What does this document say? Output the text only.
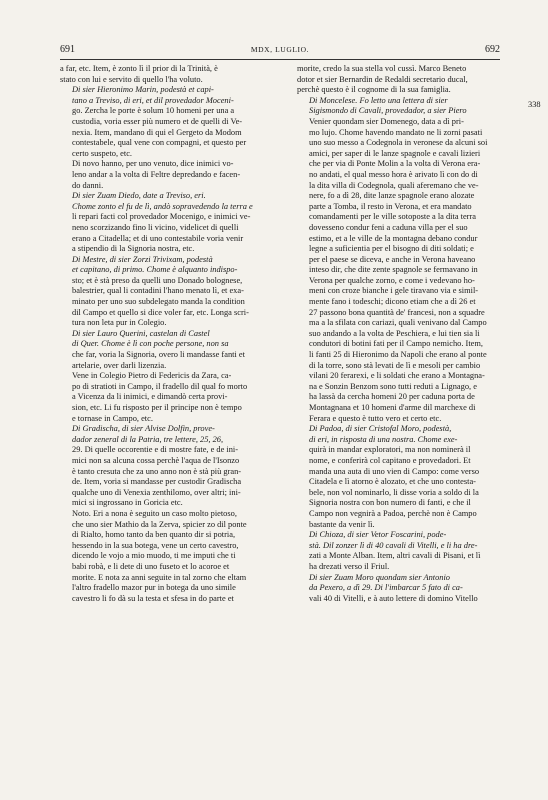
691	MDX, LUGLIO.	692
338

a far, etc. Item, è zonto lì il prior di la Trinità, è
stato con lui e servito di quello l'ha voluto.

Di sier Hieronimo Marin, podestà et capi-
tano a Treviso, di eri, et dil provedador Moceni-
go. Zercha le porte è solum 10 homeni per una a
custodia, voria esser più numero et de quelli di Ve-
nexia. Item, mandano di qui el Gergeto da Modom
contestabele, qual vene con compagni, et questo per
certo suspeto, etc.

Di novo hanno, per uno venuto, dice inimici vo-
leno andar a la volta di Feltre depredando e facen-
do danni.

Di sier Zuam Diedo, date a Treviso, eri.
Chome zonto el fu de lì, andò sopravedendo la terra e
li repari facti col provedador Mocenigo, e inimici ve-
neno scorzizando fino li vicino, videlicet di quelli
erano a Citadella; et di uno contestabile voria venir
a stipendio di la Signoria nostra, etc.

Di Mestre, di sier Zorzi Trivixam, podestà
et capitano, di primo. Chome è alquanto indispo-
sto; et è stà preso da quelli uno Donado bolognese,
balestrier, qual li contadini l'hano menato lì, et exa-
minato per uno suo subdelegato manda la condition
dil Campo et quello si dice voler far, etc. Longa scri-
tura non leta pur in Colegio.

Di sier Lauro Querini, castelan di Castel
di Quer. Chome è lì con poche persone, non sa
che far, voria la Signoria, overo li mandasse fanti et
artelarie, over darli lizenzia.

Vene in Colegio Pietro di Federicis da Zara, ca-
po di stratioti in Campo, il fradello dil qual fo morto
a Vicenza da li inimici, e dimandò certa provi-
sion, etc. Li fu risposto per il principe non è tempo
e tornase in Campo, etc.

Di Gradischa, di sier Alvise Dolfin, prove-
dador zeneral di la Patria, tre lettere, 25, 26,
29. Di quelle occorentie e di mostre fate, e de ini-
mici non sa alcuna cossa perchè l'aqua de l'Isonzo
è tanto cresuta che za uno anno non è stà più gran-
de. Item, voria si mandasse per custodir Gradischa
qualche uno di Venexia zenthilomo, over altri; ini-
mici si ingrossano in Goricia etc.

Noto. Eri a nona è seguito un caso molto pietoso,
che uno sier Mathio da la Zerva, spicier zo dil ponte
di Rialto, homo tanto da ben quanto dir si potria,
hessendo in la sua botega, vene un certo cavestro,
dicendo le vojo a mio muodo, ti me imputi che ti
babi robà, e li dete di uno fuseto et lo acoroe et
morite. E nota za anni seguite in tal zorno che eltam
l'altro fradello mazor pur in botega da uno simile
cavestro li fo dà su la testa et sfesa in do parte et

morite, credo la sua stella vol cussì. Marco Beneto
dotor et sier Bernardin de Redaldi secretario ducal,
perchè questo è il cognome di la sua famiglia.

Di Moncelese. Fo letto una lettera di sier
Sigismondo di Cavali, provedador, a sier Piero
Venier quondam sier Domenego, data a dì pri-
mo lujo. Chome havendo mandato ne li zorni pasati
uno suo messo a Codegnola in veronese da alcuni soi
amici, per saper di le lanze spagnole e cavali lizieri
che per via di Ponte Molin a la volta di Verona era-
no andati, el qual messo hora è arivato lì con do di
la dita villa di Codegnola, quali aferemano che ve-
nere, fo a dì 28, dite lanze spagnole erano alozate
parte a Tomba, il resto in Verona, et era mandato
comandamenti per le ville sotoposte a la dita terra
dovesseno condur feni a caduna villa per el suo
estimo, et a le ville de la montagna debano condur
legne a suficientia per el bisogno di diti soldati; e
per el paese se diceva, e anche in Verona haveano
inteso dir, che dite zente spagnole se fermavano in
Verona per qualche zorno, e come i vedevano ho-
meni con croze bianche i gele tiravano via e simil-
mente fano i todeschi; dicono etiam che a dì 26 et
27 passono bona quantità de' francesi, non a squadre
ma a la sfilata con cariazi, quali venivano dal Campo
suo andando a la volta de Peschiera, e lui tien sia li
condutori di botini fati per il Campo nemicho. Item,
li fanti 25 di Hieronimo da Napoli che erano al ponte
di la torre, sono stà levati de lì e mesoli per cambio
vilani 20 ferarexi, e li soldati che erano a Montagna-
na e Sonzin Benzom sono tutti reduti a Lignago, e
ha lassà da cercha homeni 20 per caduna porta de
Montagnana et 10 homeni d'arme dil marchexe di
Ferara e questo è tutto vero et certo etc.

Di Padoa, di sier Cristofal Moro, podestà,
di eri, in risposta di una nostra. Chome exe-
quirà in mandar exploratori, ma non nominerà il
nome, e conferirà col capitano e provedadori. Et
manda una auta di uno vien di Campo: come verso
Citadela e lì atorno è alozato, et che uno contesta-
bele, non vol nominarlo, li disse voria a soldo di la
Signoria nostra con bon numero di fanti, e che il
Campo non vegnirà a Padoa, perchè non è Campo
bastante da venir lì.

Di Chioza, di sier Vetor Foscarini, pode-
stà. Dil zonzer lì di 40 cavali di Vitelli, e li ha dre-
zati a Monte Alban. Item, altri cavali di Pisani, et lì
ha drezati verso il Friul.

Di sier Zuam Moro quondam sier Antonio
da Pexero, a dì 29. Di l'imbarcar 5 fato di ca-
vali 40 di Vitelli, e à auto lettere di domino Vitello
